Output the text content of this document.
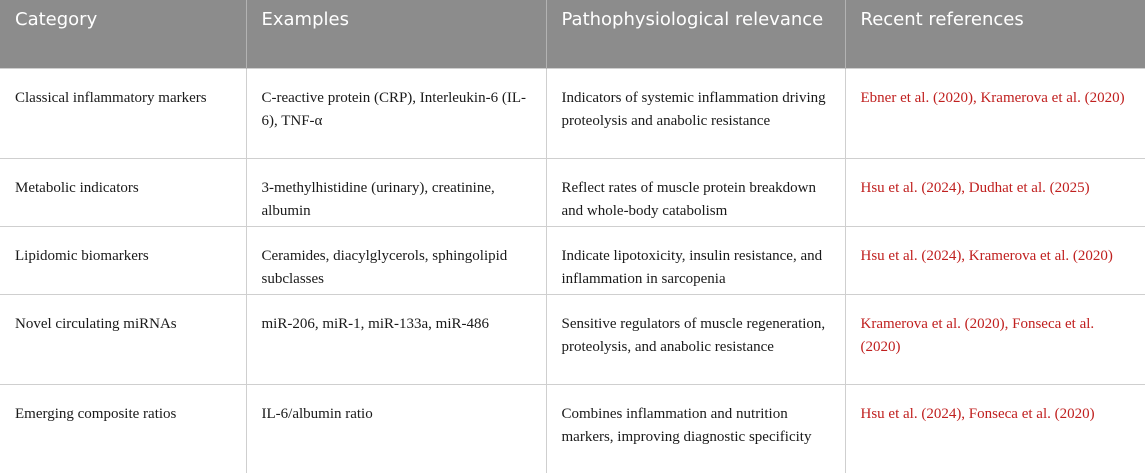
Category	Examples	Pathophysiological relevance	Recent references
Classical inflammatory markers	C-reactive protein (CRP), Interleukin-6 (IL-6), TNF-α	Indicators of systemic inflammation driving proteolysis and anabolic resistance	Ebner et al. (2020), Kramerova et al. (2020)
Metabolic indicators	3-methylhistidine (urinary), creatinine, albumin	Reflect rates of muscle protein breakdown and whole-body catabolism	Hsu et al. (2024), Dudhat et al. (2025)
Lipidomic biomarkers	Ceramides, diacylglycerols, sphingolipid subclasses	Indicate lipotoxicity, insulin resistance, and inflammation in sarcopenia	Hsu et al. (2024), Kramerova et al. (2020)
Novel circulating miRNAs	miR-206, miR-1, miR-133a, miR-486	Sensitive regulators of muscle regeneration, proteolysis, and anabolic resistance	Kramerova et al. (2020), Fonseca et al. (2020)
Emerging composite ratios	IL-6/albumin ratio	Combines inflammation and nutrition markers, improving diagnostic specificity	Hsu et al. (2024), Fonseca et al. (2020)
